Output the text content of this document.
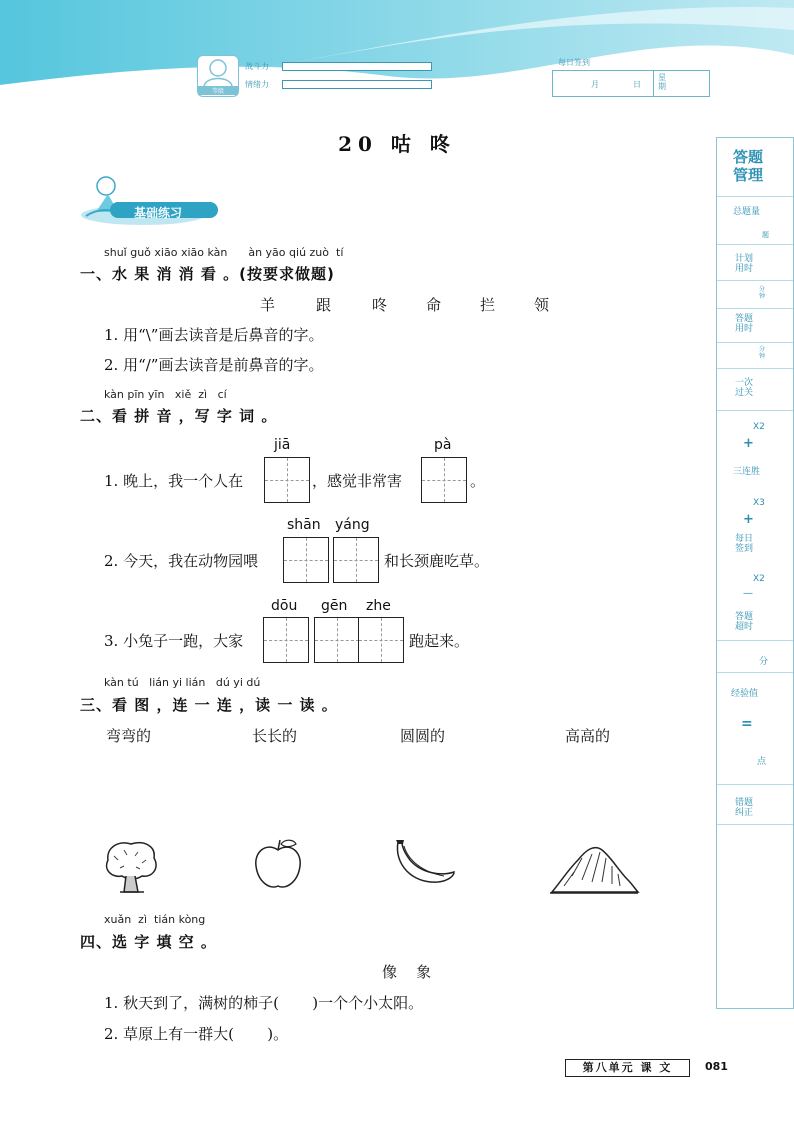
等级
战斗力
情绪力
每日签到
月	日
星期
20 咕 咚
基础练习
答题管理
总题量
题
计划用时
分钟
答题用时
分钟
一次过关
X2
+
三连胜
X3
+
每日签到
X2
—
答题超时
分
经验值
=
点
错题纠正
shuǐ guǒ xiāo xiāo kàn      àn yāo qiú zuò  tí
一、水 果 消 消 看 。(按要求做题)
羊	跟	咚	命	拦	领
1. 用“\”画去读音是后鼻音的字。
2. 用“/”画去读音是前鼻音的字。
kàn pīn yīn   xiě  zì   cí
二、看 拼 音 ，写 字 词 。
jiā	pà
1. 晚上，我一个人在	，感觉非常害	。
shān yáng
2. 今天，我在动物园喂	和长颈鹿吃草。
dōu gēn zhe
3. 小兔子一跑，大家	跑起来。
kàn tú   lián yi lián   dú yi dú
三、看 图 ，连 一 连 ，读 一 读 。
弯弯的	长长的	圆圆的	高高的
xuǎn  zì  tián kòng
四、选 字 填 空 。
像    象
1. 秋天到了，满树的柿子(       )一个个小太阳。
2. 草原上有一群大(       )。
第八单元 课 文	081
